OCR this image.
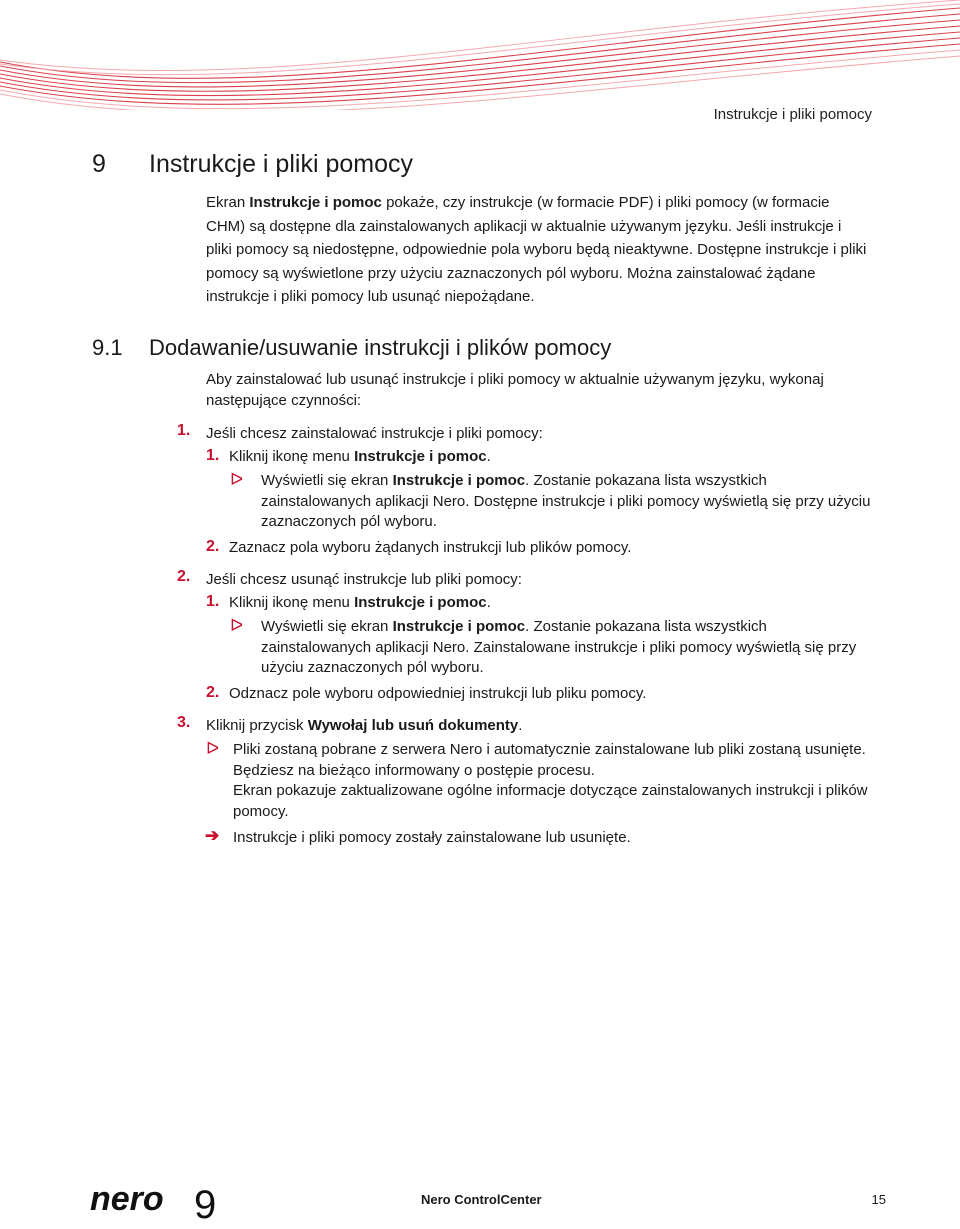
Instrukcje i pliki pomocy
9 Instrukcje i pliki pomocy
Ekran Instrukcje i pomoc pokaże, czy instrukcje (w formacie PDF) i pliki pomocy (w formacie CHM) są dostępne dla zainstalowanych aplikacji w aktualnie używanym języku. Jeśli instrukcje i pliki pomocy są niedostępne, odpowiednie pola wyboru będą nieaktywne. Dostępne instrukcje i pliki pomocy są wyświetlone przy użyciu zaznaczonych pól wyboru. Można zainstalować żądane instrukcje i pliki pomocy lub usunąć niepożądane.
9.1 Dodawanie/usuwanie instrukcji i plików pomocy
Aby zainstalować lub usunąć instrukcje i pliki pomocy w aktualnie używanym języku, wykonaj następujące czynności:
1. Jeśli chcesz zainstalować instrukcje i pliki pomocy:
1. Kliknij ikonę menu Instrukcje i pomoc.
ᐅ Wyświetli się ekran Instrukcje i pomoc. Zostanie pokazana lista wszystkich zainstalowanych aplikacji Nero. Dostępne instrukcje i pliki pomocy wyświetlą się przy użyciu zaznaczonych pól wyboru.
2. Zaznacz pola wyboru żądanych instrukcji lub plików pomocy.
2. Jeśli chcesz usunąć instrukcje lub pliki pomocy:
1. Kliknij ikonę menu Instrukcje i pomoc.
ᐅ Wyświetli się ekran Instrukcje i pomoc. Zostanie pokazana lista wszystkich zainstalowanych aplikacji Nero. Zainstalowane instrukcje i pliki pomocy wyświetlą się przy użyciu zaznaczonych pól wyboru.
2. Odznacz pole wyboru odpowiedniej instrukcji lub pliku pomocy.
3. Kliknij przycisk Wywołaj lub usuń dokumenty.
ᐅ Pliki zostaną pobrane z serwera Nero i automatycznie zainstalowane lub pliki zostaną usunięte. Będziesz na bieżąco informowany o postępie procesu.
Ekran pokazuje zaktualizowane ogólne informacje dotyczące zainstalowanych instrukcji i plików pomocy.
➔ Instrukcje i pliki pomocy zostały zainstalowane lub usunięte.
nero 9	Nero ControlCenter	15
